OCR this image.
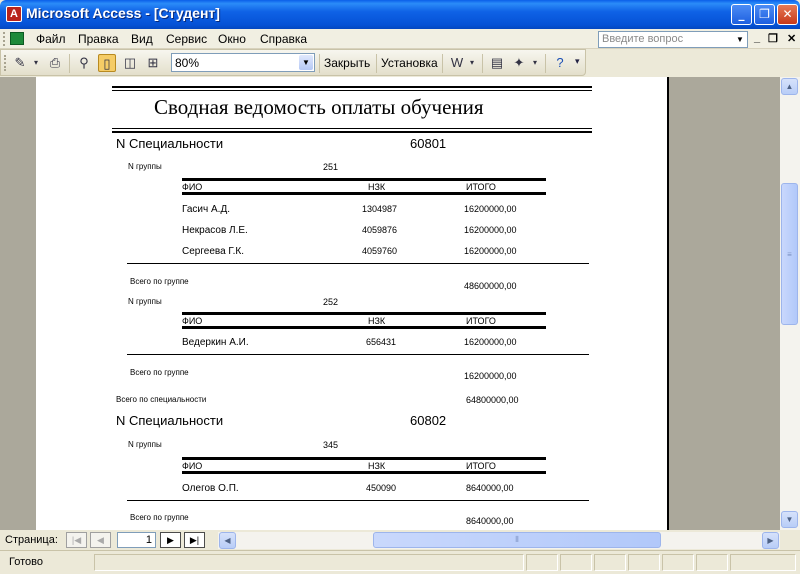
A Microsoft Access - [Студент]	_	❐	✕
Файл Правка Вид Сервис Окно Справка	Введите вопрос	▼ _ ❐ ✕
✎	▾ ⎙	⚲	▯	◫ ⊞	80%	▼ Закрыть Установка W ▾ ▤ ✦	▾	?	▾
Сводная ведомость оплаты обучения
N Специальности	60801
N группы	251
ФИО	НЗК	ИТОГО
Гасич А.Д.	1304987	16200000,00
Некрасов Л.Е.	4059876	16200000,00
Сергеева Г.К.	4059760	16200000,00
Всего по группе	48600000,00
N группы	252
ФИО	НЗК	ИТОГО
Ведеркин А.И.	656431	16200000,00
Всего по группе	16200000,00
Всего по специальности	64800000,00
N Специальности	60802
N группы	345
ФИО	НЗК	ИТОГО
Олегов О.П.	450090	8640000,00
Всего по группе	8640000,00
▲
≡
▼
Страница:	|◀	◀	1	▶	▶|	◀	⦀	▶
Готово
